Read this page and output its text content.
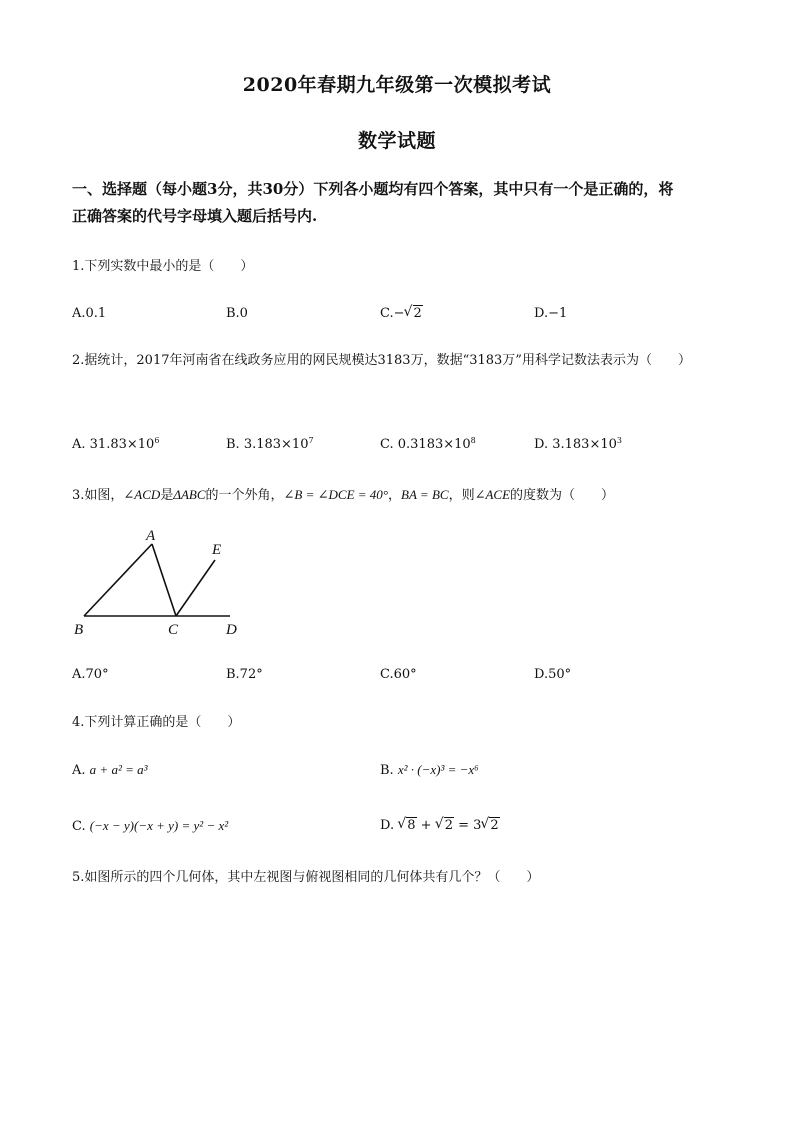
2020年春期九年级第一次模拟考试
数学试题
一、选择题（每小题3分，共30分）下列各小题均有四个答案，其中只有一个是正确的，将
正确答案的代号字母填入题后括号内.
1.下列实数中最小的是（　　）
A.0.1	B.0	C.− √ 2	D.−1
2.据统计，2017年河南省在线政务应用的网民规模达3183万，数据“3183万”用科学记数法表示为（　　）
A. $31.83\times 10^6$	B. $3.183\times 10^7$	C. $0.3183\times 10^8$	D. $3.183\times 10^3$
3.如图，∠ACD是ΔABC的一个外角，∠B = ∠DCE = 40°，BA = BC，则∠ACE的度数为（　　）
A
B	C	D
E
A.70°	B.72°	C.60°	D.50°
4.下列计算正确的是（　　）
A. a + a² = a³	B. x² · (−x)³ = −x⁶
C. (−x − y)(−x + y) = y² − x²	D. √ 8 + √ 2 = 3 √ 2
5.如图所示的四个几何体，其中左视图与俯视图相同的几何体共有几个？（　　）
